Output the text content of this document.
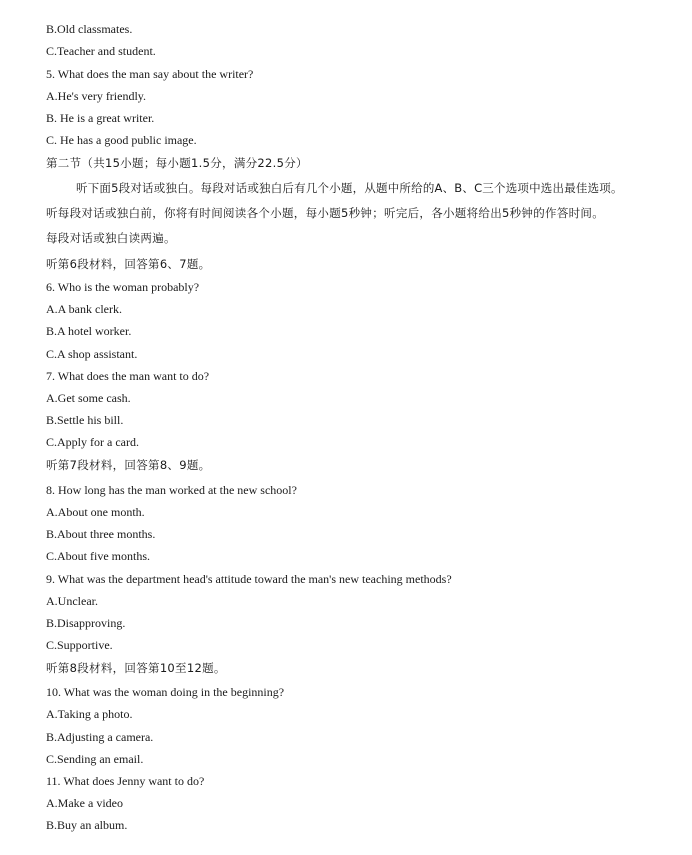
B.Old classmates.
C.Teacher and student.
5. What does the man say about the writer?
A.He's very friendly.
B. He is a great writer.
C. He has a good public image.
第二节（共15小题；每小题1.5分，满分22.5分）
听下面5段对话或独白。每段对话或独白后有几个小题，从题中所给的A、B、C三个选项中选出最佳选项。
听每段对话或独白前，你将有时间阅读各个小题，每小题5秒钟；听完后，各小题将给出5秒钟的作答时间。
每段对话或独白读两遍。
听第6段材料，回答第6、7题。
6. Who is the woman probably?
A.A bank clerk.
B.A hotel worker.
C.A shop assistant.
7. What does the man want to do?
A.Get some cash.
B.Settle his bill.
C.Apply for a card.
听第7段材料，回答第8、9题。
8. How long has the man worked at the new school?
A.About one month.
B.About three months.
C.About five months.
9. What was the department head's attitude toward the man's new teaching methods?
A.Unclear.
B.Disapproving.
C.Supportive.
听第8段材料，回答第10至12题。
10. What was the woman doing in the beginning?
A.Taking a photo.
B.Adjusting a camera.
C.Sending an email.
11. What does Jenny want to do?
A.Make a video
B.Buy an album.
